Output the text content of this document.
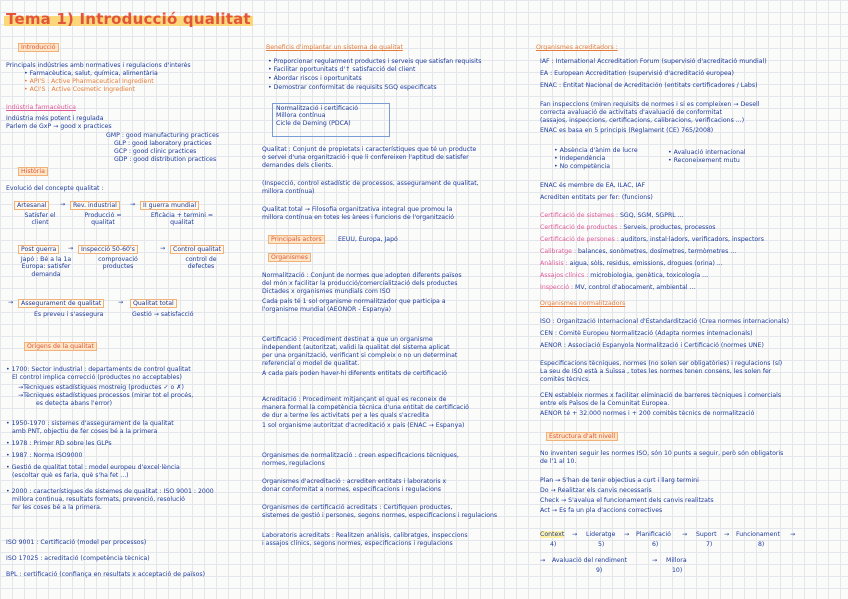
Tema 1) Introducció qualitat
Introducció
Principals indústries amb normatives i regulacions d'interès
• Farmacèutica, salut, química, alimentària
• API'S : Active Pharmaceutical Ingredient
• ACI'S : Active Cosmetic Ingredient
Indústria farmacèutica
Indústria més potent i regulada
Parlem de GxP → good x practices
GMP : good manufacturing practices
GLP : good laboratory practices
GCP : good clinic practices
GDP : good distribution practices
Història
Evolució del concepte qualitat :
Artesanal	→	Rev. industrial	→	II guerra mundial
Satisfer el client
Producció = qualitat
Eficàcia + termini = qualitat
Post guerra	→	Inspecció 50-60's	→	Control qualitat
Japó : Bé a la 1a Europa: satisfer demanda
comprovació productes
control de defectes
→	Assegurament de qualitat	→	Qualitat total
Es preveu i s'assegura	Gestió → satisfacció
Orígens de la qualitat
• 1700: Sector industrial : departaments de control qualitat
El control implica correcció (productes no acceptables)
→Tècniques estadístiques mostreig (productes ✓ o ✗)
→Tècniques estadístiques processos (mirar tot el procés,
es detecta abans l'error)
• 1950-1970 : sistemes d'assegurament de la qualitat
amb PNT, objectiu de fer coses bé a la primera
• 1978 : Primer RD sobre les GLPs
• 1987 : Norma ISO9000
• Gestió de qualitat total : model europeu d'excel·lència
(escoltar què es faria, què s'ha fet ...)
• 2000 : característiques de sistemes de qualitat : ISO 9001 : 2000
millora continua, resultats formats, prevenció, resolució
fer les coses bé a la primera.
ISO 9001 : Certificació (model per processos)
ISO 17025 : acreditació (competència tècnica)
BPL : certificació (confiança en resultats x acceptació de països)
Beneficis d'implantar un sistema de qualitat
• Proporcionar regularment productes i serveis que satisfan requisits
• Facilitar oportunitats d'↑ satisfacció del client
• Abordar riscos i oportunitats
• Demostrar conformitat de requisits SGQ especificats
Normalització i certificació
Millora contínua
Cicle de Deming (PDCA)
Qualitat : Conjunt de propietats i característiques que té un producte
o servei d'una organització i que li confereixen l'aptitud de satisfer
demandes dels clients.
(Inspecció, control estadístic de processos, assegurament de qualitat,
millora contínua)
Qualitat total → Filosofia organitzativa integral que promou la
millora contínua en totes les àrees i funcions de l'organització
Principals actors	EEUU, Europa, Japó
Organismes
Normalització : Conjunt de normes que adopten diferents països
del món x facilitar la producció/comercialització dels productes
Dictades x organismes mundials com ISO
Cada país té 1 sol organisme normalitzador que participa a
l'organisme mundial (AEONOR - Espanya)
Certificació : Procediment destinat a que un organisme
independent (autoritzat, validi la qualitat del sistema aplicat
per una organització, verificant si compleix o no un determinat
referencial o model de qualitat.
A cada país poden haver-hi diferents entitats de certificació
Acreditació : Procediment mitjançant el qual es reconeix de
manera formal la competència tècnica d'una entitat de certificació
de dur a terme les activitats per a les quals s'acredita
1 sol organisme autoritzat d'acreditació x país (ENAC → Espanya)
Organismes de normalització : creen especificacions tècniques,
normes, regulacions
Organismes d'acreditació : acrediten entitats i laboratoris x
donar conformitat a normes, especificacions i regulacions
Organismes de certificació acreditats : Certifiquen productes,
sistemes de gestió i persones, segons normes, especificacions i regulacions
Laboratoris acreditats : Realitzen anàlisis, calibratges, inspeccions
i assajos clínics, segons normes, especificacions i regulacions
Organismes acreditadors :
IAF : International Accreditation Forum (supervisió d'acreditació mundial)
EA : European Accreditation (supervisió d'acreditació europea)
ENAC : Entitat Nacional de Acreditación (entitats certificadores / Labs)
Fan inspeccions (miren requisits de normes i si es compleixen → Desell
correcta avaluació de activitats d'avaluació de conformitat
(assajos, inspeccions, certificacions, calibracions, verificacions ...)
ENAC es basa en 5 principis (Reglament (CE) 765/2008)
• Absència d'ànim de lucre
• Independència
• No competència
• Avaluació internacional
• Reconeixement mutu
ENAC és membre de EA, ILAC, IAF
Acrediten entitats per fer: (funcions)
Certificació de sistemes : SGQ, SGM, SGPRL ...
Certificació de productes : Serveis, productes, processos
Certificació de persones : auditors, instal·ladors, verificadors, inspectors
Calibratge : balances, sonòmetres, dosímetres, termòmetres ...
Anàlisis : aigua, sòls, residus, emissions, drogues (orina) ...
Assajos clínics : microbiologia, genètica, toxicologia ...
Inspecció : MV, control d'abocament, ambiental ...
Organismes normalitzadors
ISO : Organització Internacional d'Estandardització (Crea normes internacionals)
CEN : Comitè Europeu Normalització (Adapta normes internacionals)
AENOR : Associació Espanyola Normalització i Certificació (normes UNE)
Especificacions tècniques, normes (no solen ser obligatòries) i regulacions (sí)
La seu de ISO està a Suïssa , totes les normes tenen consens, les solen fer
comitès tècnics.
CEN estableix normes x facilitar eliminació de barreres tècniques i comercials
entre els Països de la Comunitat Europea.
AENOR té + 32.000 normes i + 200 comitès tècnics de normalització
Estructura d'alt nivell
No inventen seguir les normes ISO, són 10 punts a seguir, però són obligatoris
de l'1 al 10.
Plan → S'han de tenir objectius a curt i llarg termini
Do → Realitzar els canvis necessaris
Check → S'avalua el funcionament dels canvis realitzats
Act → Es fa un pla d'accions correctives
Context → Lideratge → Planificació → Suport → Funcionament →
4)	5)	6)	7)	8)
→ Avaluació del rendiment	→ Millora
9)	10)
